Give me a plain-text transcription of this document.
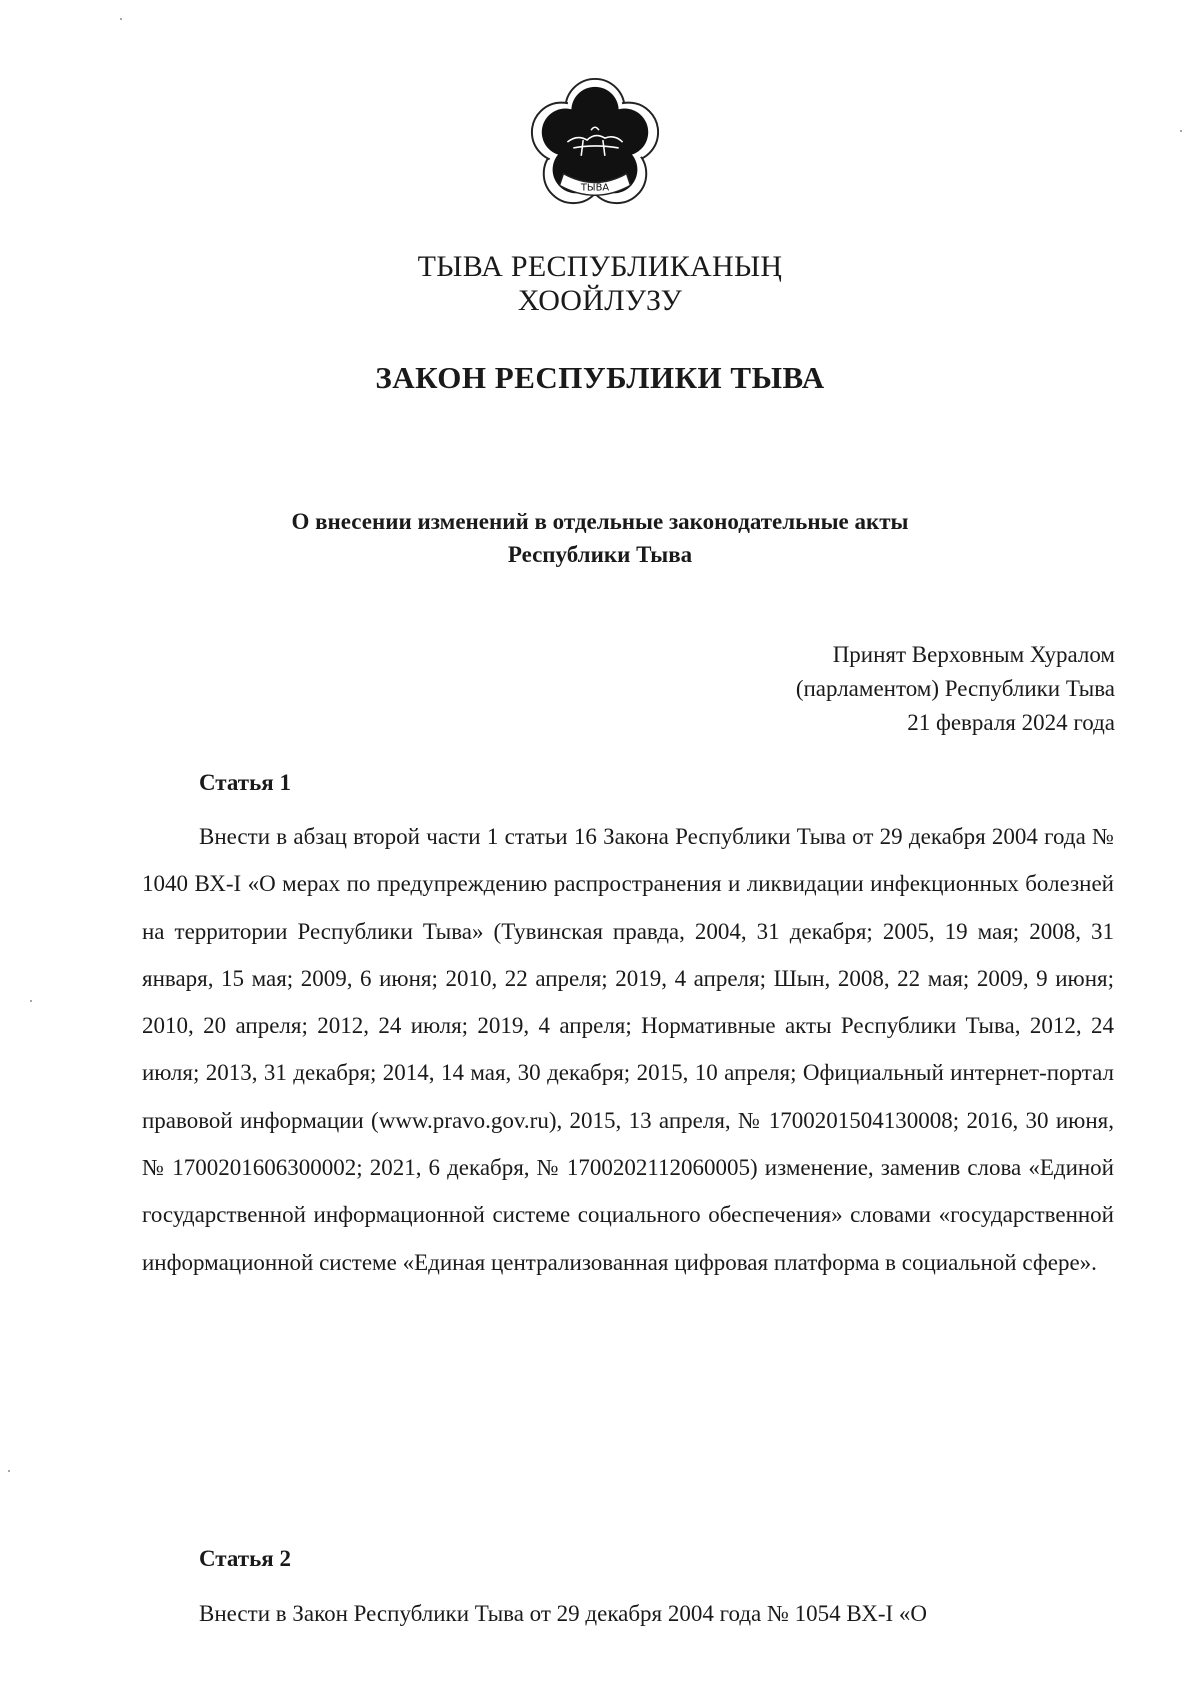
ТЫВА
ТЫВА РЕСПУБЛИКАНЫҢ
ХООЙЛУЗУ
ЗАКОН РЕСПУБЛИКИ ТЫВА
О внесении изменений в отдельные законодательные акты
Республики Тыва
Принят Верховным Хуралом
(парламентом) Республики Тыва
21 февраля 2024 года
Статья 1
Внести в абзац второй части 1 статьи 16 Закона Республики Тыва от 29 декабря 2004 года № 1040 ВХ-I «О мерах по предупреждению распространения и ликвидации инфекционных болезней на территории Республики Тыва» (Тувинская правда, 2004, 31 декабря; 2005, 19 мая; 2008, 31 января, 15 мая; 2009, 6 июня; 2010, 22 апреля; 2019, 4 апреля; Шын, 2008, 22 мая; 2009, 9 июня; 2010, 20 апреля; 2012, 24 июля; 2019, 4 апреля; Нормативные акты Республики Тыва, 2012, 24 июля; 2013, 31 декабря; 2014, 14 мая, 30 декабря; 2015, 10 апреля; Официальный интернет-портал правовой информации (www.pravo.gov.ru), 2015, 13 апреля, № 1700201504130008; 2016, 30 июня, № 1700201606300002; 2021, 6 декабря, № 1700202112060005) изменение, заменив слова «Единой государственной информационной системе социального обеспечения» словами «государственной информационной системе «Единая централизованная цифровая платформа в социальной сфере».
Статья 2
Внести в Закон Республики Тыва от 29 декабря 2004 года № 1054 ВХ-I «О
